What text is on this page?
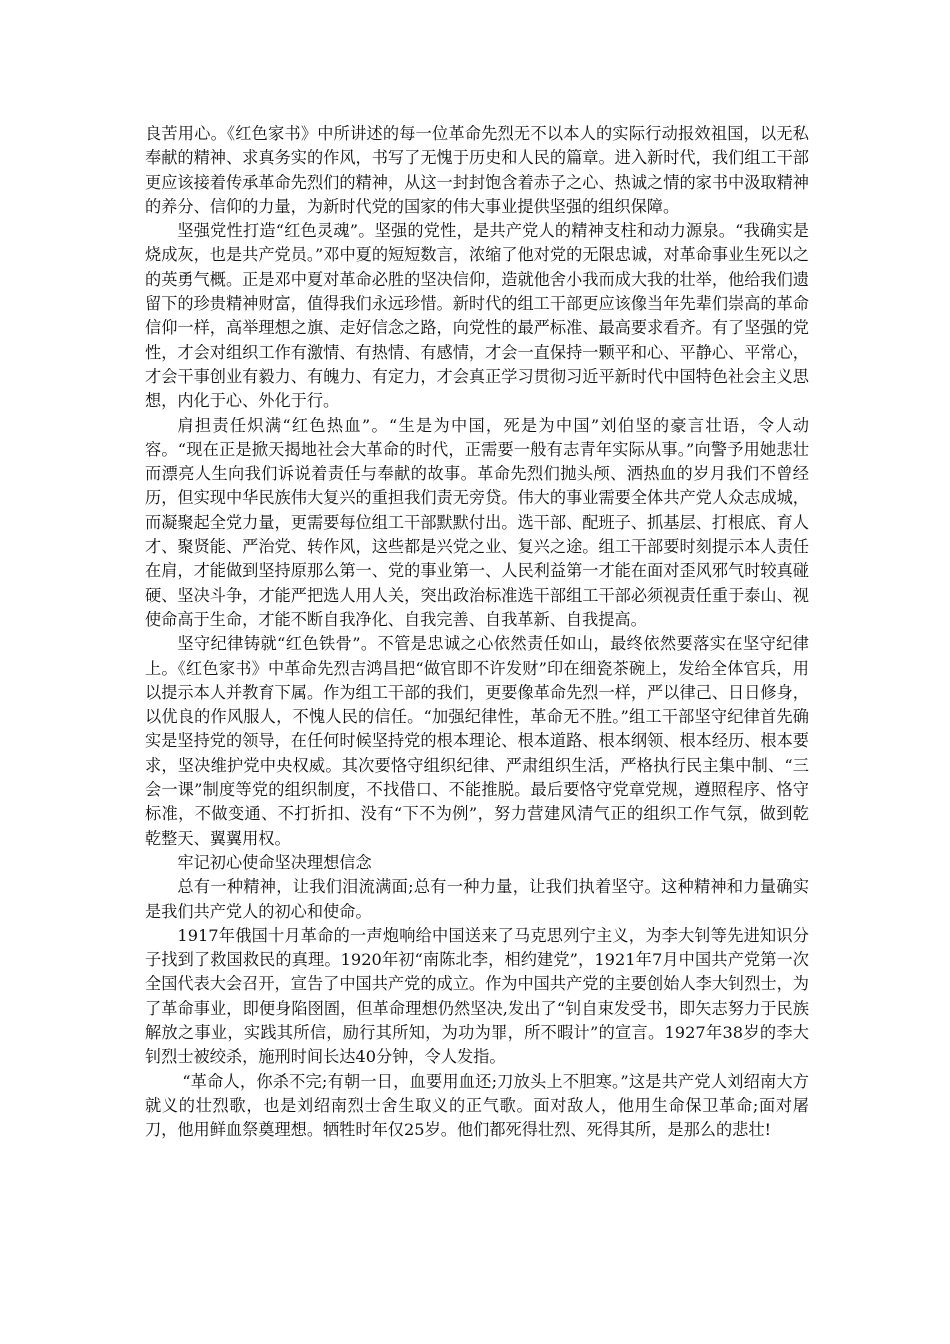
良苦用心。《红色家书》中所讲述的每一位革命先烈无不以本人的实际行动报效祖国，以无私奉献的精神、求真务实的作风，书写了无愧于历史和人民的篇章。进入新时代，我们组工干部更应该接着传承革命先烈们的精神，从这一封封饱含着赤子之心、热诚之情的家书中汲取精神的养分、信仰的力量，为新时代党的国家的伟大事业提供坚强的组织保障。

坚强党性打造“红色灵魂”。坚强的党性，是共产党人的精神支柱和动力源泉。“我确实是烧成灰，也是共产党员。”邓中夏的短短数言，浓缩了他对党的无限忠诚，对革命事业生死以之的英勇气概。正是邓中夏对革命必胜的坚决信仰，造就他舍小我而成大我的壮举，他给我们遗留下的珍贵精神财富，值得我们永远珍惜。新时代的组工干部更应该像当年先辈们崇高的革命信仰一样，高举理想之旗、走好信念之路，向党性的最严标准、最高要求看齐。有了坚强的党性，才会对组织工作有激情、有热情、有感情，才会一直保持一颗平和心、平静心、平常心，才会干事创业有毅力、有魄力、有定力，才会真正学习贯彻习近平新时代中国特色社会主义思想，内化于心、外化于行。

肩担责任炽满“红色热血”。“生是为中国，死是为中国”刘伯坚的豪言壮语，令人动容。“现在正是掀天揭地社会大革命的时代，正需要一般有志青年实际从事。”向警予用她悲壮而漂亮人生向我们诉说着责任与奉献的故事。革命先烈们抛头颅、洒热血的岁月我们不曾经历，但实现中华民族伟大复兴的重担我们责无旁贷。伟大的事业需要全体共产党人众志成城，而凝聚起全党力量，更需要每位组工干部默默付出。选干部、配班子、抓基层、打根底、育人才、聚贤能、严治党、转作风，这些都是兴党之业、复兴之途。组工干部要时刻提示本人责任在肩，才能做到坚持原那么第一、党的事业第一、人民利益第一才能在面对歪风邪气时较真碰硬、坚决斗争，才能严把选人用人关，突出政治标准选干部组工干部必须视责任重于泰山、视使命高于生命，才能不断自我净化、自我完善、自我革新、自我提高。

坚守纪律铸就“红色铁骨”。不管是忠诚之心依然责任如山，最终依然要落实在坚守纪律上。《红色家书》中革命先烈吉鸿昌把“做官即不许发财”印在细瓷茶碗上，发给全体官兵，用以提示本人并教育下属。作为组工干部的我们，更要像革命先烈一样，严以律己、日日修身，以优良的作风服人，不愧人民的信任。“加强纪律性，革命无不胜。”组工干部坚守纪律首先确实是坚持党的领导，在任何时候坚持党的根本理论、根本道路、根本纲领、根本经历、根本要求，坚决维护党中央权威。其次要恪守组织纪律、严肃组织生活，严格执行民主集中制、“三会一课”制度等党的组织制度，不找借口、不能推脱。最后要恪守党章党规，遵照程序、恪守标准，不做变通、不打折扣、没有“下不为例”，努力营建风清气正的组织工作气氛，做到乾乾整天、翼翼用权。

牢记初心使命坚决理想信念

总有一种精神，让我们泪流满面;总有一种力量，让我们执着坚守。这种精神和力量确实是我们共产党人的初心和使命。

1917年俄国十月革命的一声炮响给中国送来了马克思列宁主义，为李大钊等先进知识分子找到了救国救民的真理。1920年初“南陈北李，相约建党”，1921年7月中国共产党第一次全国代表大会召开，宣告了中国共产党的成立。作为中国共产党的主要创始人李大钊烈士，为了革命事业，即便身陷囹圄，但革命理想仍然坚决,发出了“钊自束发受书，即矢志努力于民族解放之事业，实践其所信，励行其所知，为功为罪，所不暇计”的宣言。1927年38岁的李大钊烈士被绞杀，施刑时间长达40分钟，令人发指。

“革命人，你杀不完;有朝一日，血要用血还;刀放头上不胆寒。”这是共产党人刘绍南大方就义的壮烈歌，也是刘绍南烈士舍生取义的正气歌。面对敌人，他用生命保卫革命;面对屠刀，他用鲜血祭奠理想。牺牲时年仅25岁。他们都死得壮烈、死得其所，是那么的悲壮!
